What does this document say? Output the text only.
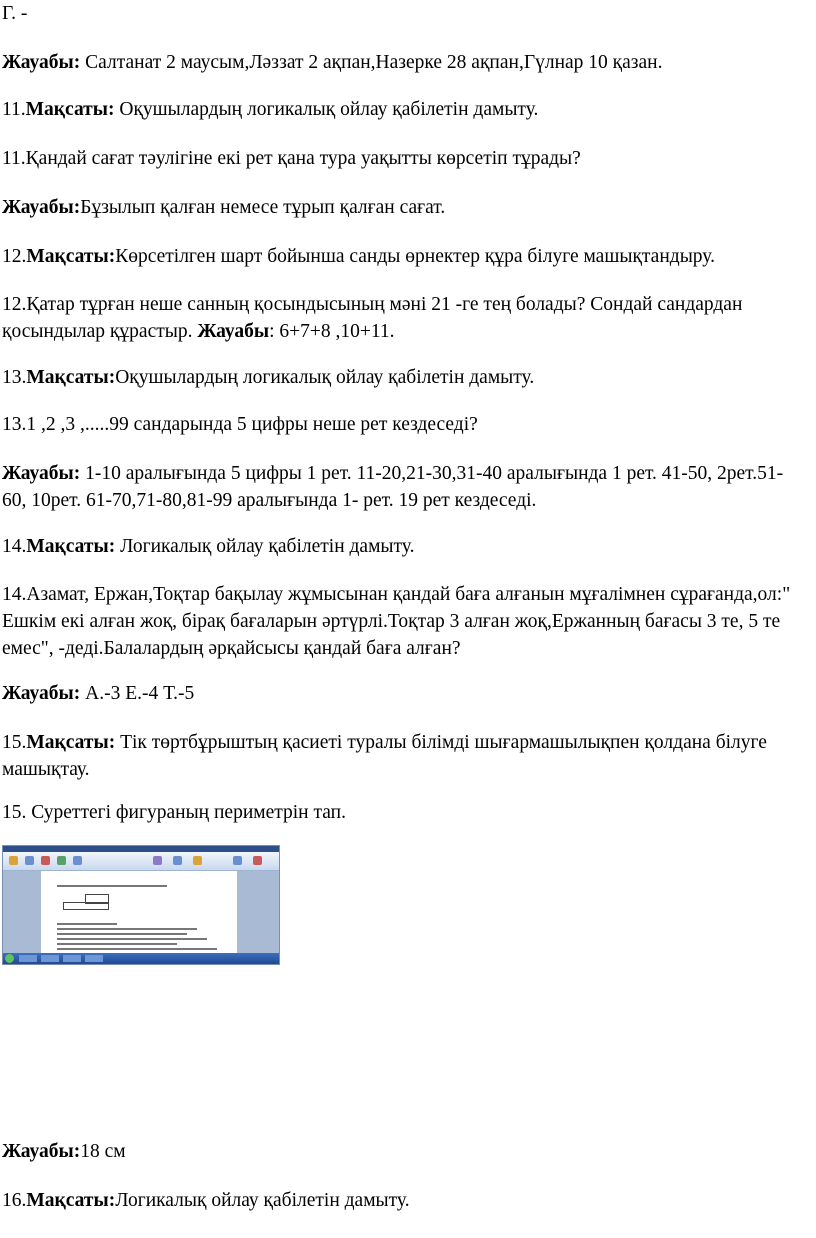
Г. -
Жауабы: Салтанат 2 маусым,Ләззат 2 ақпан,Назерке 28 ақпан,Гүлнар 10 қазан.
11.Мақсаты: Оқушылардың логикалық ойлау қабілетін дамыту.
11.Қандай сағат тәулігіне екі рет қана тура уақытты көрсетіп тұрады?
Жауабы:Бұзылып қалған немесе тұрып қалған сағат.
12.Мақсаты:Көрсетілген шарт бойынша санды өрнектер құра білуге машықтандыру.
12.Қатар тұрған неше санның қосындысының мәні 21 -ге тең болады? Сондай сандардан қосындылар құрастыр. Жауабы: 6+7+8 ,10+11.
13.Мақсаты:Оқушылардың логикалық ойлау қабілетін дамыту.
13.1 ,2 ,3 ,.....99 сандарында 5 цифры неше рет кездеседі?
Жауабы: 1-10 аралығында 5 цифры 1 рет. 11-20,21-30,31-40 аралығында 1 рет. 41-50, 2рет.51-60, 10рет. 61-70,71-80,81-99 аралығында 1- рет. 19 рет кездеседі.
14.Мақсаты: Логикалық ойлау қабілетін дамыту.
14.Азамат, Ержан,Тоқтар бақылау жұмысынан қандай баға алғанын мұғалімнен сұрағанда,ол:" Ешкім екі алған жоқ, бірақ бағаларын әртүрлі.Тоқтар 3 алған жоқ,Ержанның бағасы 3 те, 5 те емес", -деді.Балалардың әрқайсысы қандай баға алған?
Жауабы: А.-3 Е.-4 Т.-5
15.Мақсаты: Тік төртбұрыштың қасиеті туралы білімді шығармашылықпен қолдана білуге машықтау.
15. Суреттегі фигураның периметрін тап.
Жауабы:18 см
16.Мақсаты:Логикалық ойлау қабілетін дамыту.
